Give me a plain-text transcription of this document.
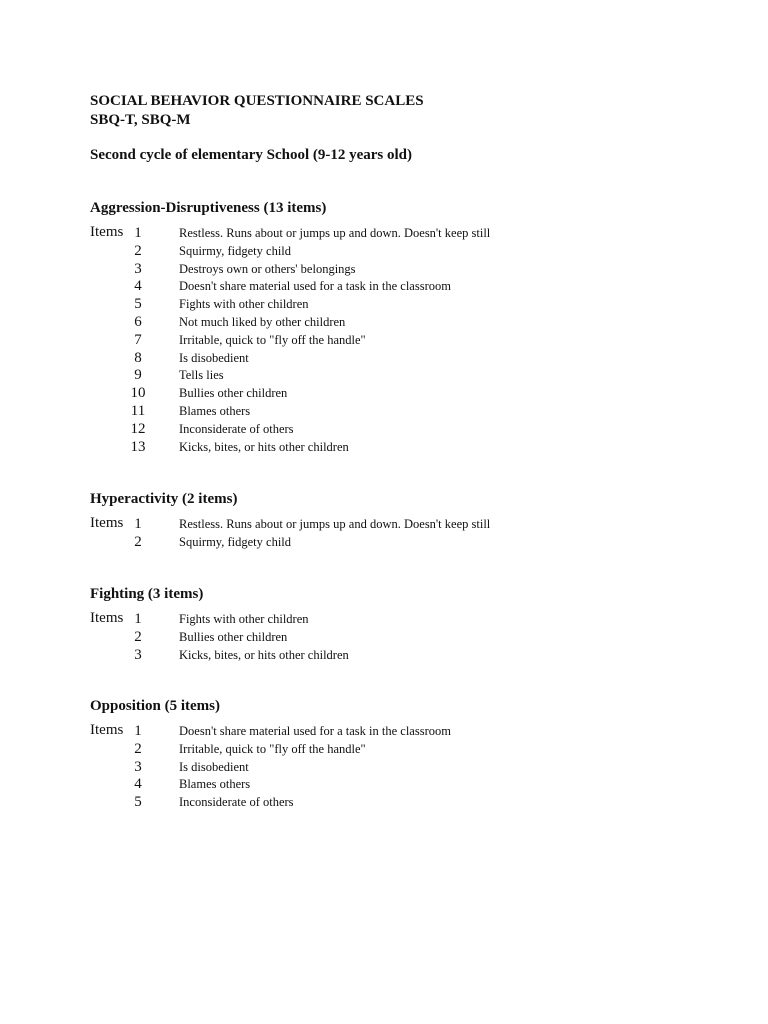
SOCIAL BEHAVIOR QUESTIONNAIRE SCALES
SBQ-T, SBQ-M
Second cycle of elementary School (9-12 years old)
Aggression-Disruptiveness (13 items)
Items 1	Restless. Runs about or jumps up and down. Doesn't keep still
2	Squirmy, fidgety child
3	Destroys own or others' belongings
4	Doesn't share material used for a task in the classroom
5	Fights with other children
6	Not much liked by other children
7	Irritable, quick to "fly off the handle"
8	Is disobedient
9	Tells lies
10	Bullies other children
11	Blames others
12	Inconsiderate of others
13	Kicks, bites, or hits other children
Hyperactivity (2 items)
Items 1	Restless. Runs about or jumps up and down. Doesn't keep still
2	Squirmy, fidgety child
Fighting (3 items)
Items 1	Fights with other children
2	Bullies other children
3	Kicks, bites, or hits other children
Opposition (5 items)
Items 1	Doesn't share material used for a task in the classroom
2	Irritable, quick to "fly off the handle"
3	Is disobedient
4	Blames others
5	Inconsiderate of others
